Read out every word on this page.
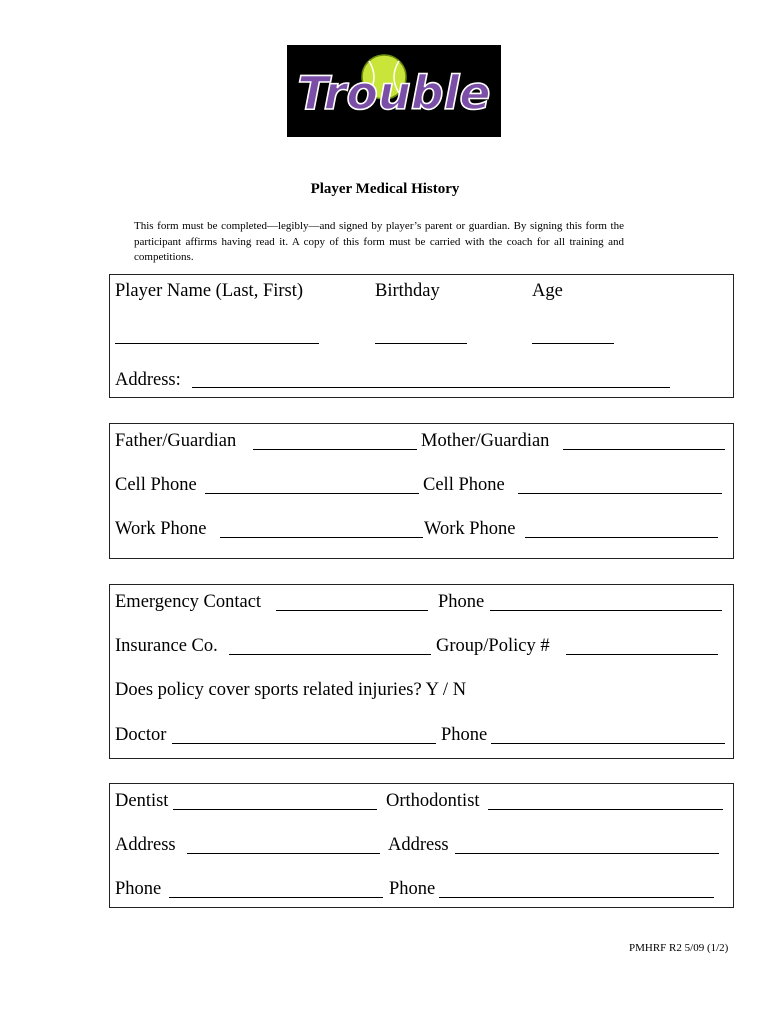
Trouble
Player Medical History
This form must be completed—legibly—and signed by player’s parent or guardian. By signing this form the participant affirms having read it. A copy of this form must be carried with the coach for all training and competitions.
Player Name (Last, First)	Birthday	Age
Address:
Father/Guardian	Mother/Guardian
Cell Phone	Cell Phone
Work Phone	Work Phone
Emergency Contact	Phone
Insurance Co.	Group/Policy #
Does policy cover sports related injuries? Y / N
Doctor	Phone
Dentist	Orthodontist
Address	Address
Phone	Phone
PMHRF R2 5/09 (1/2)
